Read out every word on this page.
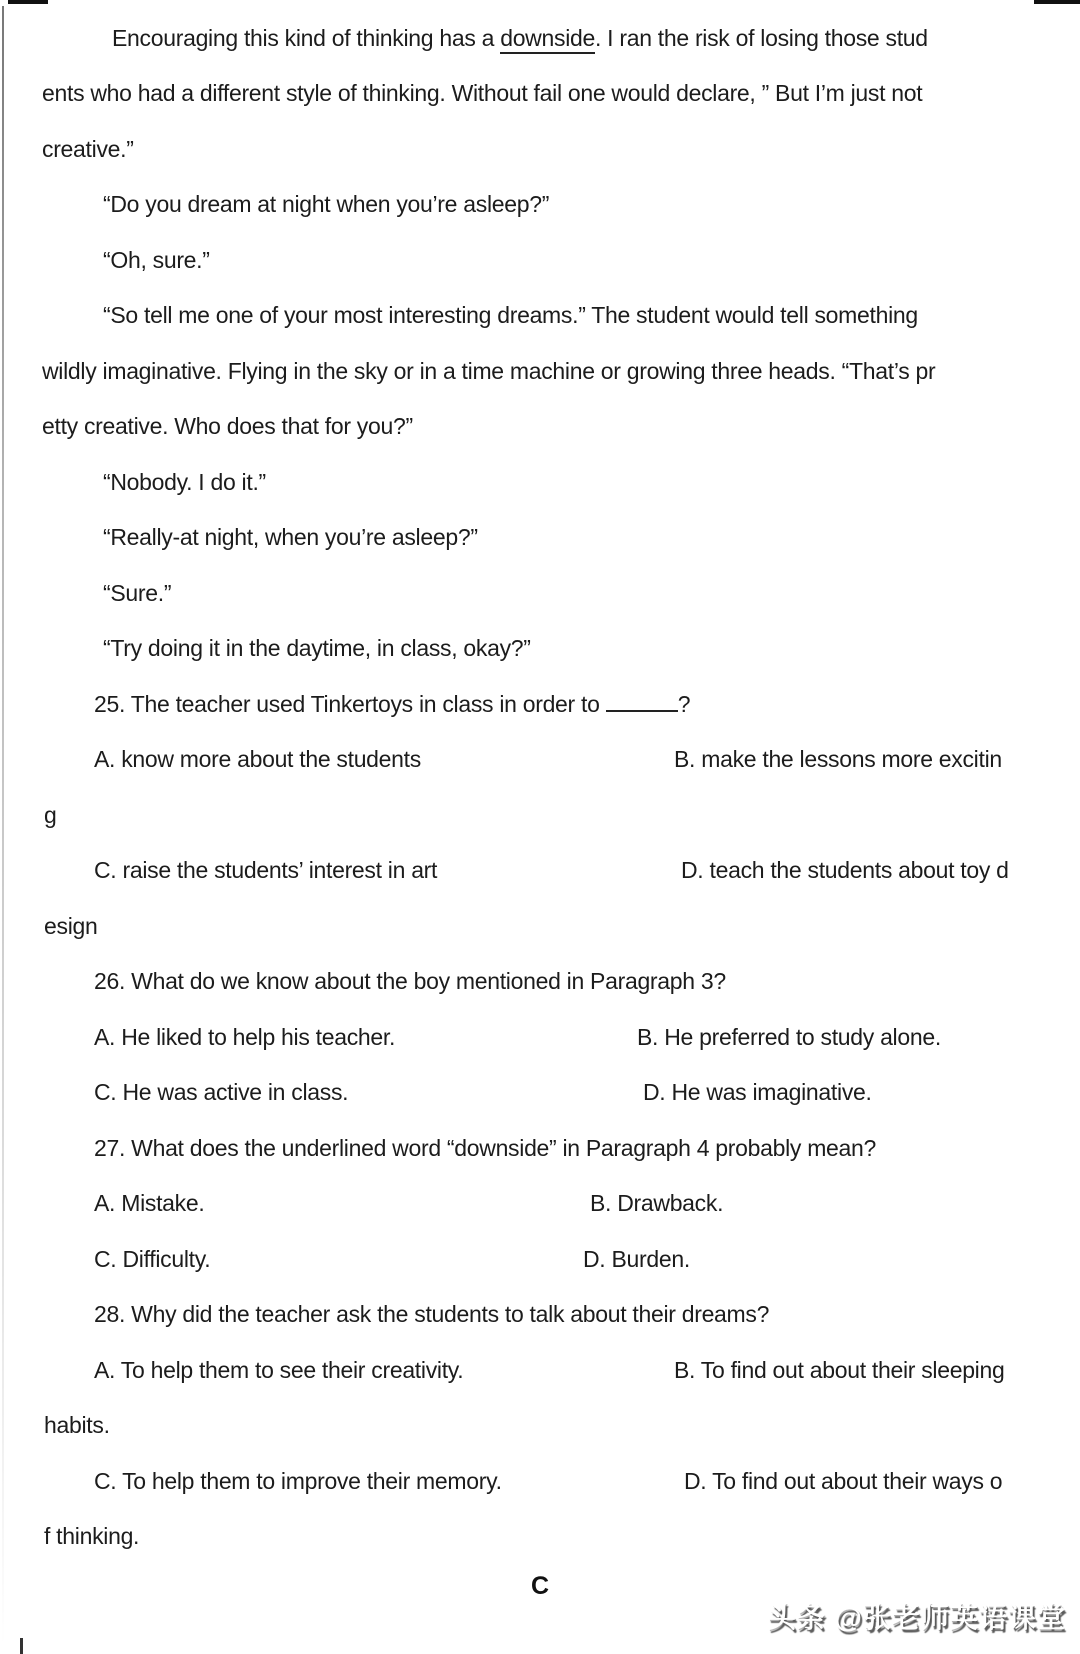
Encouraging this kind of thinking has a downside. I ran the risk of losing those stud
ents who had a different style of thinking. Without fail one would declare, ” But I’m just not
creative.”
“Do you dream at night when you’re asleep?”
“Oh, sure.”
“So tell me one of your most interesting dreams.” The student would tell something
wildly imaginative. Flying in the sky or in a time machine or growing three heads. “That’s pr
etty creative. Who does that for you?”
“Nobody. I do it.”
“Really-at night, when you’re asleep?”
“Sure.”
“Try doing it in the daytime, in class, okay?”
25. The teacher used Tinkertoys in class in order to	?
A. know more about the students	B. make the lessons more excitin
g
C. raise the students’ interest in art	D. teach the students about toy d
esign
26. What do we know about the boy mentioned in Paragraph 3?
A. He liked to help his teacher.	B. He preferred to study alone.
C. He was active in class.	D. He was imaginative.
27. What does the underlined word “downside” in Paragraph 4 probably mean?
A. Mistake.	B. Drawback.
C. Difficulty.	D. Burden.
28. Why did the teacher ask the students to talk about their dreams?
A. To help them to see their creativity.	B. To find out about their sleeping
habits.
C. To help them to improve their memory.	D. To find out about their ways o
f thinking.
C
头条 @张老师英语课堂
